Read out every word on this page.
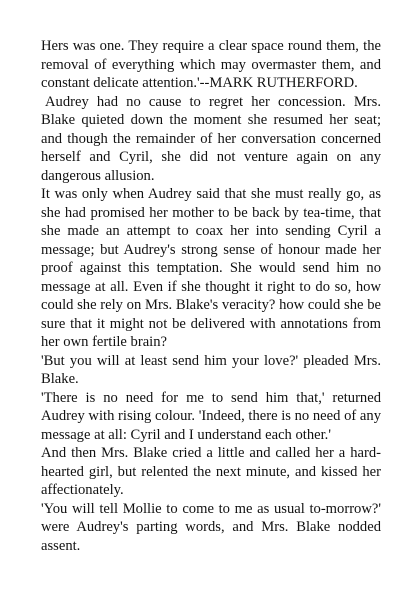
Hers was one. They require a clear space round them, the removal of everything which may overmaster them, and constant delicate attention.'--MARK RUTHERFORD.

Audrey had no cause to regret her concession. Mrs. Blake quieted down the moment she resumed her seat; and though the remainder of her conversation concerned herself and Cyril, she did not venture again on any dangerous allusion.

It was only when Audrey said that she must really go, as she had promised her mother to be back by tea-time, that she made an attempt to coax her into sending Cyril a message; but Audrey's strong sense of honour made her proof against this temptation. She would send him no message at all. Even if she thought it right to do so, how could she rely on Mrs. Blake's veracity? how could she be sure that it might not be delivered with annotations from her own fertile brain?

'But you will at least send him your love?' pleaded Mrs. Blake.

'There is no need for me to send him that,' returned Audrey with rising colour. 'Indeed, there is no need of any message at all: Cyril and I understand each other.'

And then Mrs. Blake cried a little and called her a hard-hearted girl, but relented the next minute, and kissed her affectionately.

'You will tell Mollie to come to me as usual to-morrow?' were Audrey's parting words, and Mrs. Blake nodded assent.
